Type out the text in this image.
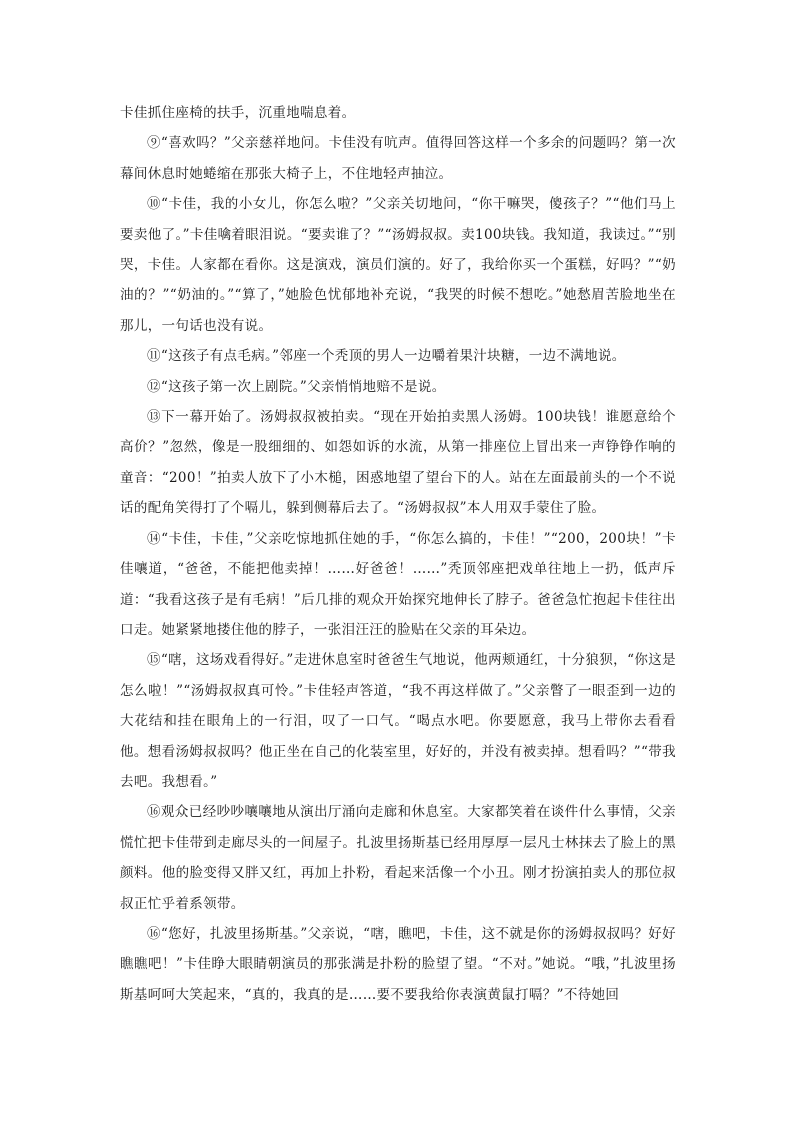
卡佳抓住座椅的扶手，沉重地喘息着。

⑨“喜欢吗？”父亲慈祥地问。卡佳没有吭声。值得回答这样一个多余的问题吗？第一次幕间休息时她蜷缩在那张大椅子上，不住地轻声抽泣。

⑩“卡佳，我的小女儿，你怎么啦？”父亲关切地问，“你干嘛哭，傻孩子？”“他们马上要卖他了。”卡佳噙着眼泪说。“要卖谁了？”“汤姆叔叔。卖100块钱。我知道，我读过。”“别哭，卡佳。人家都在看你。这是演戏，演员们演的。好了，我给你买一个蛋糕，好吗？”“奶油的？”“奶油的。”“算了，”她脸色忧郁地补充说，“我哭的时候不想吃。”她愁眉苦脸地坐在那儿，一句话也没有说。

⑪“这孩子有点毛病。”邻座一个秃顶的男人一边嚼着果汁块糖，一边不满地说。

⑫“这孩子第一次上剧院。”父亲悄悄地赔不是说。

⑬下一幕开始了。汤姆叔叔被拍卖。“现在开始拍卖黑人汤姆。100块钱！谁愿意给个高价？”忽然，像是一股细细的、如怨如诉的水流，从第一排座位上冒出来一声铮铮作响的童音：“200！”拍卖人放下了小木槌，困惑地望了望台下的人。站在左面最前头的一个不说话的配角笑得打了个嗝儿，躲到侧幕后去了。“汤姆叔叔”本人用双手蒙住了脸。

⑭“卡佳，卡佳，”父亲吃惊地抓住她的手，“你怎么搞的，卡佳！”“200，200块！”卡佳嚷道，“爸爸，不能把他卖掉！……好爸爸！……”秃顶邻座把戏单往地上一扔，低声斥道：“我看这孩子是有毛病！”后几排的观众开始探究地伸长了脖子。爸爸急忙抱起卡佳往出口走。她紧紧地搂住他的脖子，一张泪汪汪的脸贴在父亲的耳朵边。

⑮“嗐，这场戏看得好。”走进休息室时爸爸生气地说，他两颊通红，十分狼狈，“你这是怎么啦！”“汤姆叔叔真可怜。”卡佳轻声答道，“我不再这样做了。”父亲瞥了一眼歪到一边的大花结和挂在眼角上的一行泪，叹了一口气。“喝点水吧。你要愿意，我马上带你去看看他。想看汤姆叔叔吗？他正坐在自己的化装室里，好好的，并没有被卖掉。想看吗？”“带我去吧。我想看。”

⑯观众已经吵吵嚷嚷地从演出厅涌向走廊和休息室。大家都笑着在谈件什么事情，父亲慌忙把卡佳带到走廊尽头的一间屋子。扎波里扬斯基已经用厚厚一层凡士林抹去了脸上的黑颜料。他的脸变得又胖又红，再加上扑粉，看起来活像一个小丑。刚才扮演拍卖人的那位叔叔正忙乎着系领带。

⑯“您好，扎波里扬斯基。”父亲说，“嗐，瞧吧，卡佳，这不就是你的汤姆叔叔吗？好好瞧瞧吧！”卡佳睁大眼睛朝演员的那张满是扑粉的脸望了望。“不对。”她说。“哦，”扎波里扬斯基呵呵大笑起来，“真的，我真的是……要不要我给你表演黄鼠打嗝？”不待她回
